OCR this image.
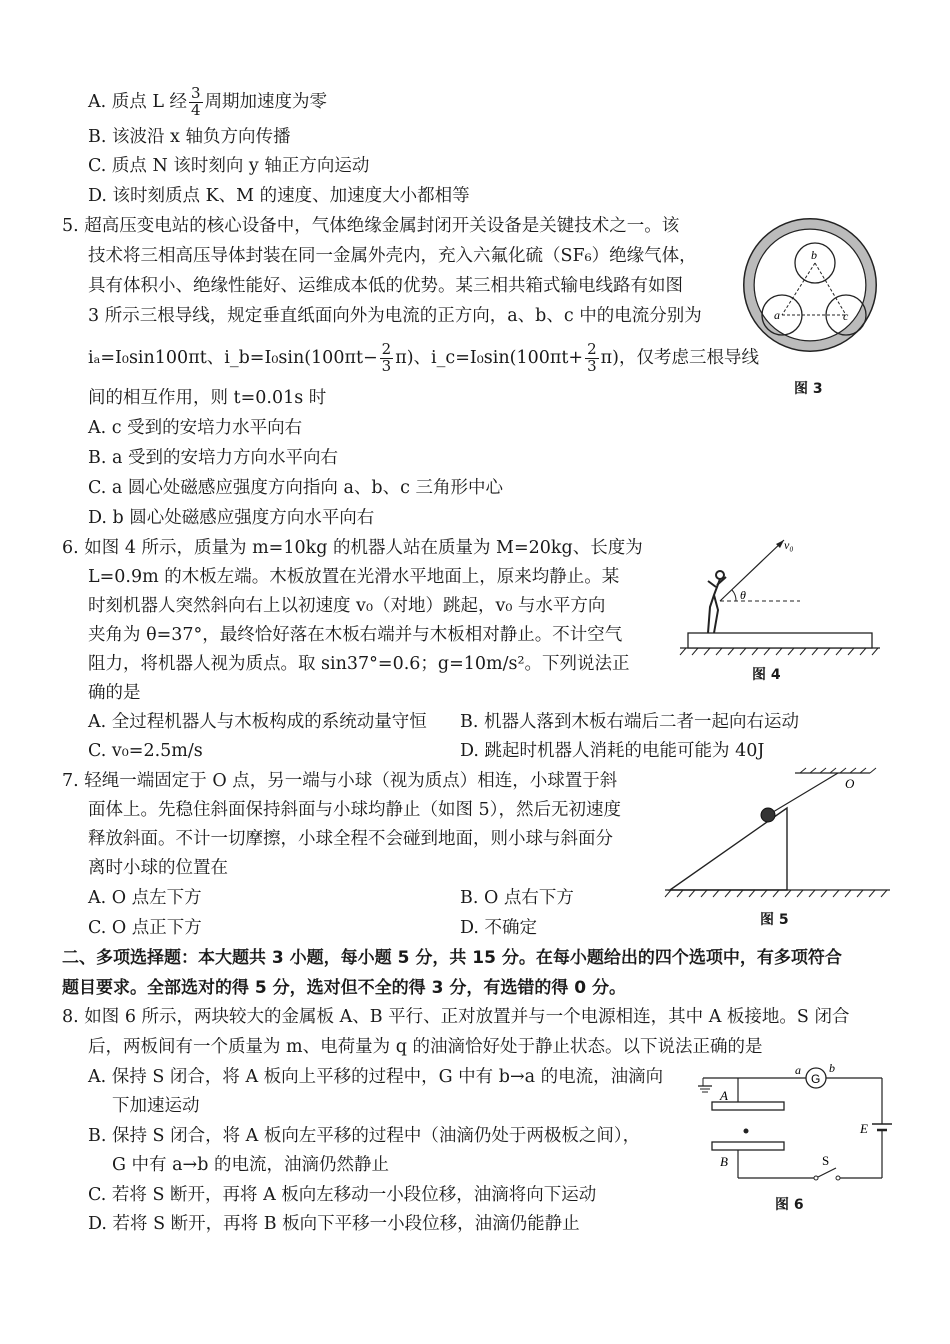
A. 质点 L 经 $\frac{3}{4}$ 周期加速度为零
B. 该波沿 x 轴负方向传播
C. 质点 N 该时刻向 y 轴正方向运动
D. 该时刻质点 K、M 的速度、加速度大小都相等
5. 超高压变电站的核心设备中，气体绝缘金属封闭开关设备是关键技术之一。该
技术将三相高压导体封装在同一金属外壳内，充入六氟化硫（SF₆）绝缘气体，
具有体积小、绝缘性能好、运维成本低的优势。某三相共箱式输电线路有如图
3 所示三根导线，规定垂直纸面向外为电流的正方向，a、b、c 中的电流分别为
iₐ=I₀sin100πt、i_b=I₀sin(100πt− $\frac{2}{3} \pi$)、i_c=I₀sin(100πt+ $\frac{2}{3} \pi$)，仅考虑三根导线
间的相互作用，则 t=0.01s 时
A. c 受到的安培力水平向右
B. a 受到的安培力方向水平向右
C. a 圆心处磁感应强度方向指向 a、b、c 三角形中心
D. b 圆心处磁感应强度方向水平向右
b
a	c
图 3
6. 如图 4 所示，质量为 m=10kg 的机器人站在质量为 M=20kg、长度为
L=0.9m 的木板左端。木板放置在光滑水平地面上，原来均静止。某
时刻机器人突然斜向右上以初速度 v₀（对地）跳起，v₀ 与水平方向
夹角为 θ=37°，最终恰好落在木板右端并与木板相对静止。不计空气
阻力，将机器人视为质点。取 sin37°=0.6；g=10m/s²。下列说法正
确的是
A. 全过程机器人与木板构成的系统动量守恒 B. 机器人落到木板右端后二者一起向右运动
C. v₀=2.5m/s	D. 跳起时机器人消耗的电能可能为 40J
v₀
θ
图 4
7. 轻绳一端固定于 O 点，另一端与小球（视为质点）相连，小球置于斜
面体上。先稳住斜面保持斜面与小球均静止（如图 5），然后无初速度
释放斜面。不计一切摩擦，小球全程不会碰到地面，则小球与斜面分
离时小球的位置在
A. O 点左下方	B. O 点右下方
C. O 点正下方	D. 不确定
O
图 5
二、多项选择题：本大题共 3 小题，每小题 5 分，共 15 分。在每小题给出的四个选项中，有多项符合
题目要求。全部选对的得 5 分，选对但不全的得 3 分，有选错的得 0 分。
8. 如图 6 所示，两块较大的金属板 A、B 平行、正对放置并与一个电源相连，其中 A 板接地。S 闭合
后，两板间有一个质量为 m、电荷量为 q 的油滴恰好处于静止状态。以下说法正确的是
A. 保持 S 闭合，将 A 板向上平移的过程中，G 中有 b→a 的电流，油滴向
下加速运动
B. 保持 S 闭合，将 A 板向左平移的过程中（油滴仍处于两极板之间），
G 中有 a→b 的电流，油滴仍然静止
C. 若将 S 断开，再将 A 板向左移动一小段位移，油滴将向下运动
D. 若将 S 断开，再将 B 板向下平移一小段位移，油滴仍能静止
a
G
b
A
B
E
S
图 6
